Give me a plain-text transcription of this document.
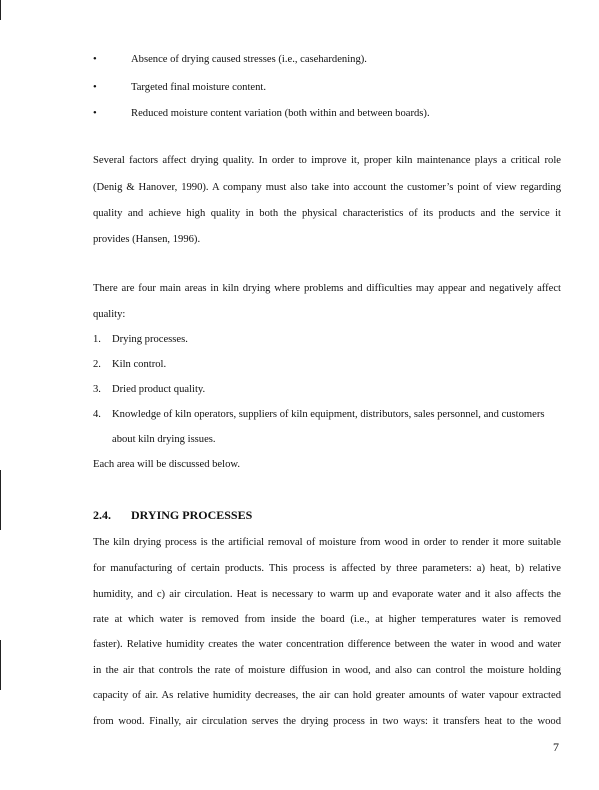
•	Absence of drying caused stresses (i.e., casehardening).
•	Targeted final moisture content.
•	Reduced moisture content variation (both within and between boards).
Several factors affect drying quality. In order to improve it, proper kiln maintenance plays a critical role
(Denig & Hanover, 1990). A company must also take into account the customer’s point of view regarding
quality and achieve high quality in both the physical characteristics of its products and the service it
provides (Hansen, 1996).
There are four main areas in kiln drying where problems and difficulties may appear and negatively affect
quality:
1. Drying processes.
2. Kiln control.
3. Dried product quality.
4. Knowledge of kiln operators, suppliers of kiln equipment, distributors, sales personnel, and customers
about kiln drying issues.
Each area will be discussed below.
2.4. DRYING PROCESSES
The kiln drying process is the artificial removal of moisture from wood in order to render it more suitable
for manufacturing of certain products. This process is affected by three parameters: a) heat, b) relative
humidity, and c) air circulation. Heat is necessary to warm up and evaporate water and it also affects the
rate at which water is removed from inside the board (i.e., at higher temperatures water is removed
faster). Relative humidity creates the water concentration difference between the water in wood and water
in the air that controls the rate of moisture diffusion in wood, and also can control the moisture holding
capacity of air. As relative humidity decreases, the air can hold greater amounts of water vapour extracted
from wood. Finally, air circulation serves the drying process in two ways: it transfers heat to the wood
7
